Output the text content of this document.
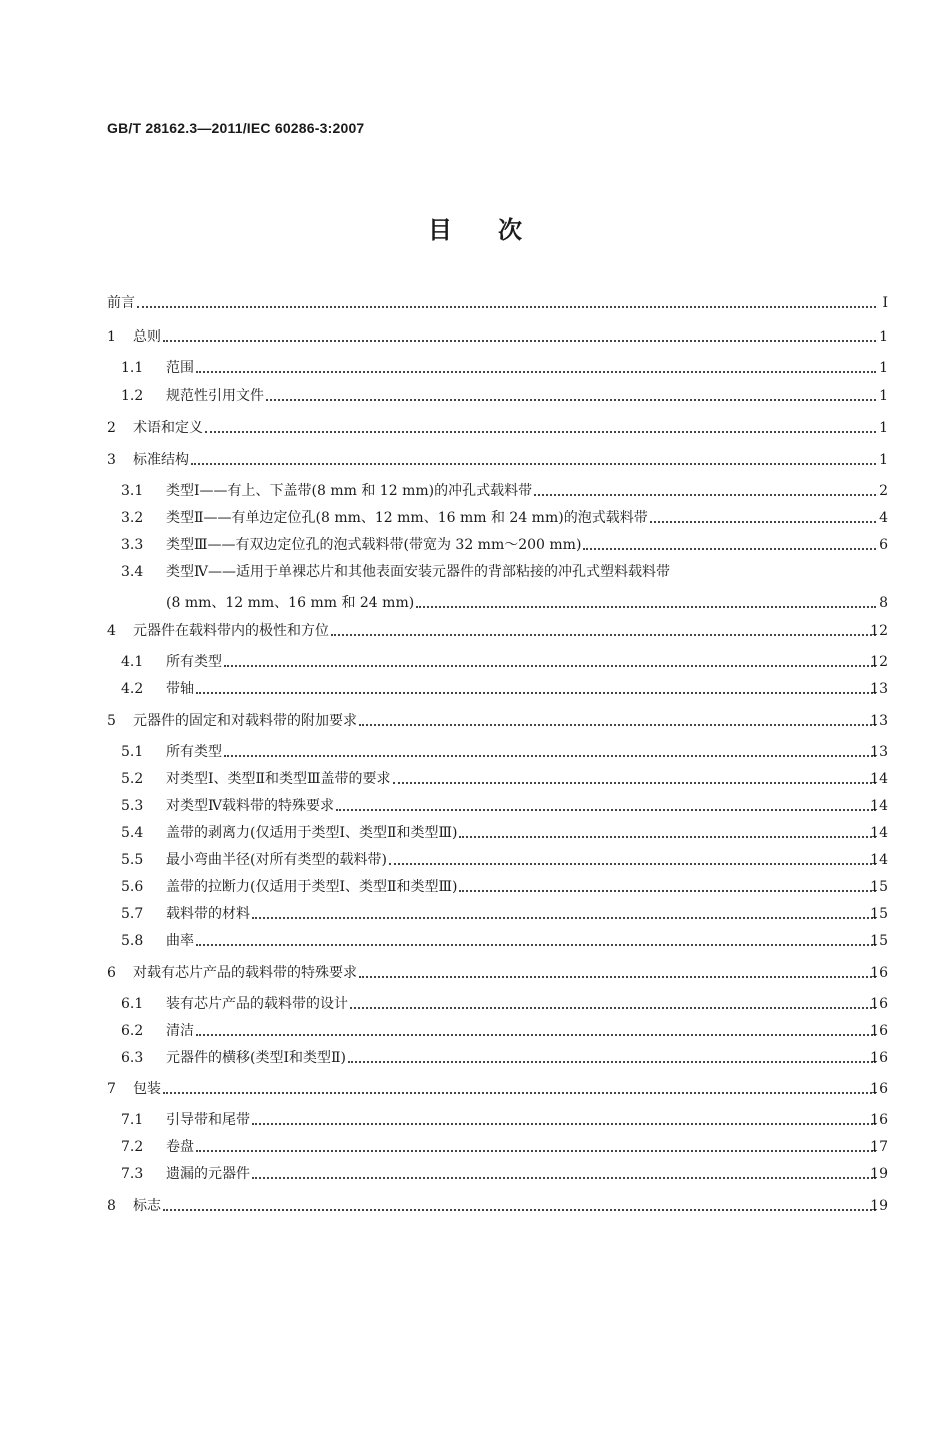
GB/T 28162.3—2011/IEC 60286-3:2007
目次
前言	Ⅰ
1 总则	1
1.1 范围	1
1.2 规范性引用文件	1
2 术语和定义	1
3 标准结构	1
3.1 类型Ⅰ——有上、下盖带(8 mm 和 12 mm)的冲孔式载料带	2
3.2 类型Ⅱ——有单边定位孔(8 mm、12 mm、16 mm 和 24 mm)的泡式载料带	4
3.3 类型Ⅲ——有双边定位孔的泡式载料带(带宽为 32 mm～200 mm)	6
3.4 类型Ⅳ——适用于单裸芯片和其他表面安装元器件的背部粘接的冲孔式塑料载料带
(8 mm、12 mm、16 mm 和 24 mm)	8
4 元器件在载料带内的极性和方位	12
4.1 所有类型	12
4.2 带轴	13
5 元器件的固定和对载料带的附加要求	13
5.1 所有类型	13
5.2 对类型Ⅰ、类型Ⅱ和类型Ⅲ盖带的要求	14
5.3 对类型Ⅳ载料带的特殊要求	14
5.4 盖带的剥离力(仅适用于类型Ⅰ、类型Ⅱ和类型Ⅲ)	14
5.5 最小弯曲半径(对所有类型的载料带)	14
5.6 盖带的拉断力(仅适用于类型Ⅰ、类型Ⅱ和类型Ⅲ)	15
5.7 载料带的材料	15
5.8 曲率	15
6 对载有芯片产品的载料带的特殊要求	16
6.1 装有芯片产品的载料带的设计	16
6.2 清洁	16
6.3 元器件的横移(类型Ⅰ和类型Ⅱ)	16
7 包装	16
7.1 引导带和尾带	16
7.2 卷盘	17
7.3 遗漏的元器件	19
8 标志	19
